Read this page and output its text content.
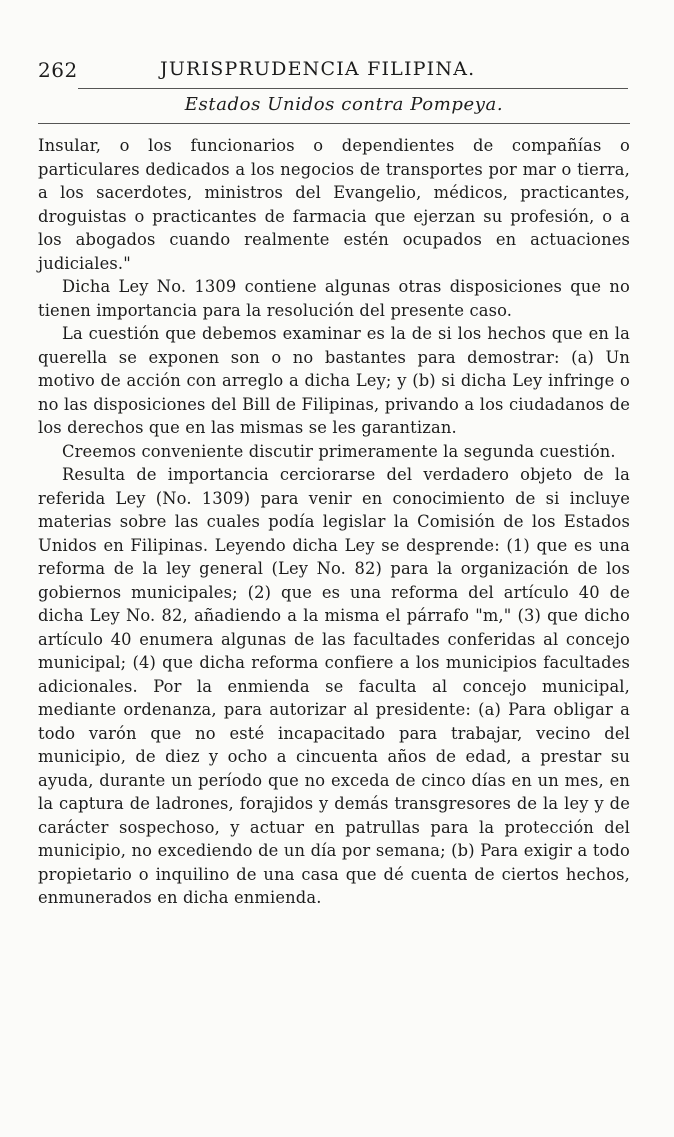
262	JURISPRUDENCIA FILIPINA.
Estados Unidos contra Pompeya.

Insular, o los funcionarios o dependientes de compañías o particulares dedicados a los negocios de transportes por mar o tierra, a los sacerdotes, ministros del Evangelio, médicos, practicantes, droguistas o practicantes de farmacia que ejerzan su profesión, o a los abogados cuando realmente estén ocupados en actuaciones judiciales."

Dicha Ley No. 1309 contiene algunas otras disposiciones que no tienen importancia para la resolución del presente caso.

La cuestión que debemos examinar es la de si los hechos que en la querella se exponen son o no bastantes para demostrar: (a) Un motivo de acción con arreglo a dicha Ley; y (b) si dicha Ley infringe o no las disposiciones del Bill de Filipinas, privando a los ciudadanos de los derechos que en las mismas se les garantizan.

Creemos conveniente discutir primeramente la segunda cuestión.

Resulta de importancia cerciorarse del verdadero objeto de la referida Ley (No. 1309) para venir en conocimiento de si incluye materias sobre las cuales podía legislar la Comisión de los Estados Unidos en Filipinas. Leyendo dicha Ley se desprende: (1) que es una reforma de la ley general (Ley No. 82) para la organización de los gobiernos municipales; (2) que es una reforma del artículo 40 de dicha Ley No. 82, añadiendo a la misma el párrafo "m," (3) que dicho artículo 40 enumera algunas de las facultades conferidas al concejo municipal; (4) que dicha reforma confiere a los municipios facultades adicionales. Por la enmienda se faculta al concejo municipal, mediante ordenanza, para autorizar al presidente: (a) Para obligar a todo varón que no esté incapacitado para trabajar, vecino del municipio, de diez y ocho a cincuenta años de edad, a prestar su ayuda, durante un período que no exceda de cinco días en un mes, en la captura de ladrones, forajidos y demás transgresores de la ley y de carácter sospechoso, y actuar en patrullas para la protección del municipio, no excediendo de un día por semana; (b) Para exigir a todo propietario o inquilino de una casa que dé cuenta de ciertos hechos, enmunerados en dicha enmienda.
